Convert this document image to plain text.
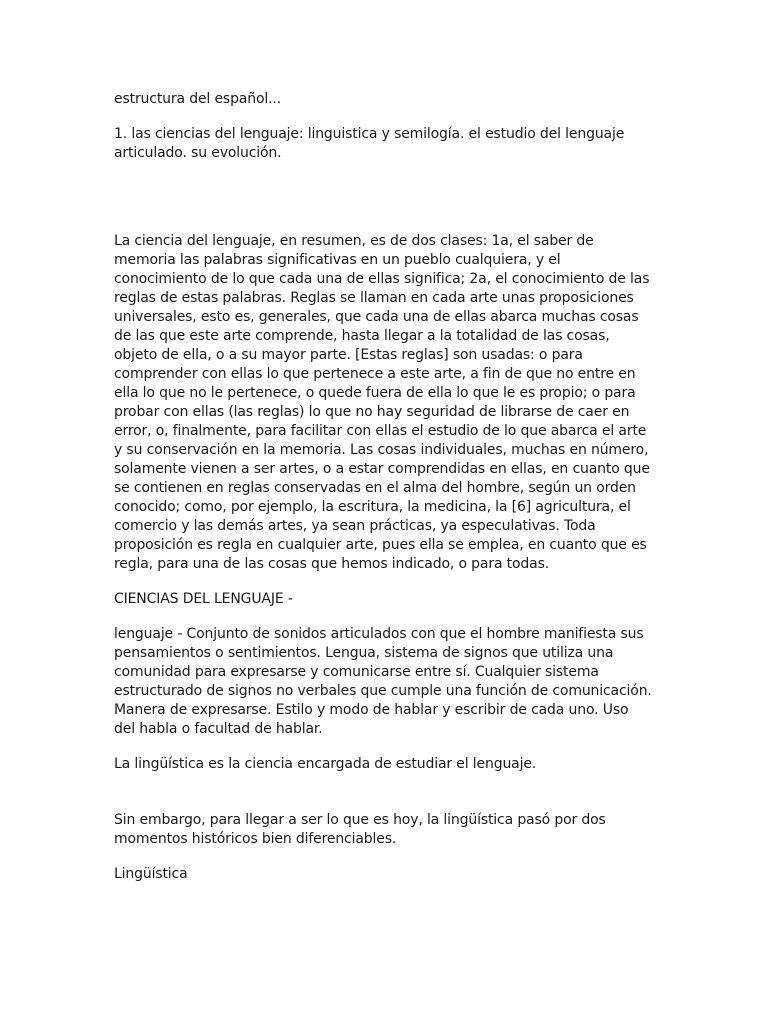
estructura del español...

1. las ciencias del lenguaje: linguistica y semilogía. el estudio del lenguaje
articulado. su evolución.

La ciencia del lenguaje, en resumen, es de dos clases: 1a, el saber de
memoria las palabras significativas en un pueblo cualquiera, y el
conocimiento de lo que cada una de ellas significa; 2a, el conocimiento de las
reglas de estas palabras. Reglas se llaman en cada arte unas proposiciones
universales, esto es, generales, que cada una de ellas abarca muchas cosas
de las que este arte comprende, hasta llegar a la totalidad de las cosas,
objeto de ella, o a su mayor parte. [Estas reglas] son usadas: o para
comprender con ellas lo que pertenece a este arte, a fin de que no entre en
ella lo que no le pertenece, o quede fuera de ella lo que le es propio; o para
probar con ellas (las reglas) lo que no hay seguridad de librarse de caer en
error, o, finalmente, para facilitar con ellas el estudio de lo que abarca el arte
y su conservación en la memoria. Las cosas individuales, muchas en número,
solamente vienen a ser artes, o a estar comprendidas en ellas, en cuanto que
se contienen en reglas conservadas en el alma del hombre, según un orden
conocido; como, por ejemplo, la escritura, la medicina, la [6] agricultura, el
comercio y las demás artes, ya sean prácticas, ya especulativas. Toda
proposición es regla en cualquier arte, pues ella se emplea, en cuanto que es
regla, para una de las cosas que hemos indicado, o para todas.

CIENCIAS DEL LENGUAJE -

lenguaje - Conjunto de sonidos articulados con que el hombre manifiesta sus
pensamientos o sentimientos. Lengua, sistema de signos que utiliza una
comunidad para expresarse y comunicarse entre sí. Cualquier sistema
estructurado de signos no verbales que cumple una función de comunicación.
Manera de expresarse. Estilo y modo de hablar y escribir de cada uno. Uso
del habla o facultad de hablar.

La lingüística es la ciencia encargada de estudiar el lenguaje.

Sin embargo, para llegar a ser lo que es hoy, la lingüística pasó por dos
momentos históricos bien diferenciables.

Lingüística
